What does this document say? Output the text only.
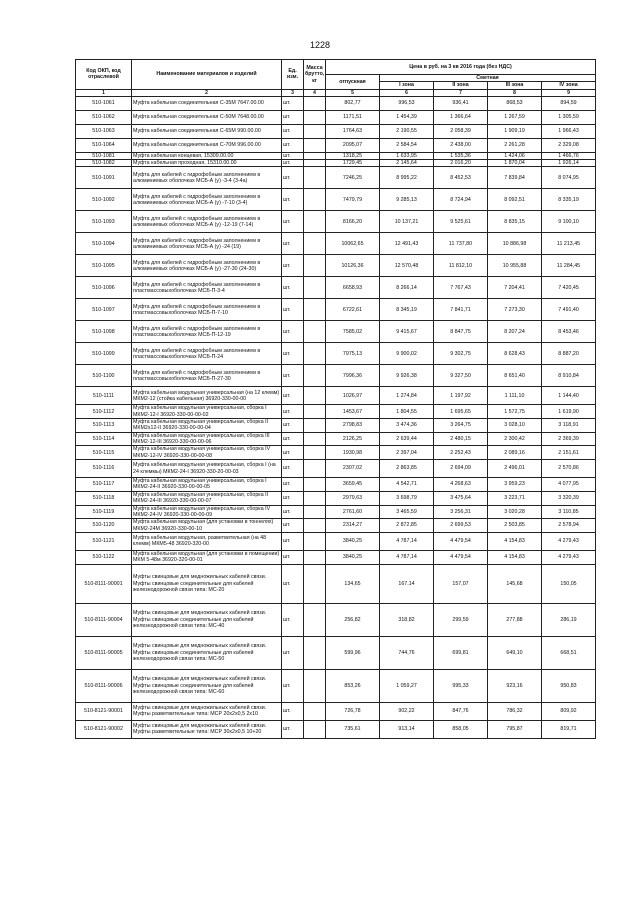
1228
Код ОКП, код отраслевой	Наименование материалов и изделий	Ед. изм.	Масса брутто, кг	Цена в руб. на 3 кв 2016 года (без НДС)				
				отпускная	Сметная			
					I зона	II зона	III зона	IV зона
1	2	3	4	5	6	7	8	9
510-1061	Муфта кабельная соединительная С-35М 7647.00.00	шт.		802,77	996,53	936,41	868,53	894,59
510-1062	Муфта кабельная соединительная С-50М 7648.00.00	шт.		1171,51	1 454,39	1 366,64	1 267,59	1 305,59
510-1063	Муфта кабельная соединительная С-65М 990.00.00	шт.		1764,63	2 190,55	2 058,39	1 909,19	1 966,43
510-1064	Муфта кабельная соединительная С-70М 996.00.00	шт.		2095,07	2 584,54	2 438,00	2 261,28	2 329,08
510-1081	Муфта кабельная концевая, 15309.00.00	шт.		1318,25	1 633,95	1 535,36	1 424,06	1 466,76
510-1082	Муфта кабельная проходная, 15310.00.00	шт.		1729,45	2 145,64	2 016,20	1 870,04	1 926,14
510-1091	Муфта для кабелей с гидрофобным заполнением в алюминиевых оболочках МСБ-А (у) -3-4 (3-4а)	шт.		7246,25	8 995,22	8 452,53	7 839,84	8 074,95
510-1092	Муфта для кабелей с гидрофобным заполнением в алюминиевых оболочках МСБ-А (у) -7-10 (3-4)	шт.		7479,79	9 285,13	8 724,94	8 092,51	8 335,19
510-1093	Муфта для кабелей с гидрофобным заполнением в алюминиевых оболочках МСБ-А (у) -12-19 (7-14)	шт.		8166,20	10 137,21	9 525,61	8 835,15	9 100,10
510-1094	Муфта для кабелей с гидрофобным заполнением в алюминиевых оболочках МСБ-А (у) -24 (19)	шт.		10062,65	12 491,43	11 737,80	10 886,98	11 213,45
510-1095	Муфта для кабелей с гидрофобным заполнением в алюминиевых оболочках МСБ-А (у) -27-30 (24-30)	шт.		10126,36	12 570,48	11 812,10	10 955,88	11 284,45
510-1096	Муфта для кабелей с гидрофобным заполнением в пластмассовыхоболочках МСБ-П-3-4	шт.		6658,93	8 266,14	7 767,43	7 204,41	7 420,45
510-1097	Муфта для кабелей с гидрофобным заполнением в пластмассовыхоболочках МСБ-П-7-10	шт.		6722,61	8 345,19	7 841,71	7 273,30	7 491,40
510-1098	Муфта для кабелей с гидрофобным заполнением в пластмассовыхоболочках МСБ-П-12-19	шт.		7585,02	9 415,67	8 847,75	8 207,24	8 453,46
510-1099	Муфта для кабелей с гидрофобным заполнением в пластмассовыхоболочках МСБ-П-24	шт.		7975,13	9 900,02	9 302,75	8 628,43	8 887,20
510-1100	Муфта для кабелей с гидрофобным заполнением в пластмассовыхоболочках МСБ-П-27-30	шт.		7996,36	9 926,38	9 327,50	8 651,40	8 910,84
510-1111	Муфта кабельная модульная универсальная (на 12 клемм) МКМ2-12 (стойка кабельная) 36920-330-00-00	шт.		1026,97	1 274,84	1 197,92	1 111,10	1 144,40
510-1112	Муфта кабельная модульная универсальная, сборка I МКМ2-12-I 36920-330-00-00-02	шт.		1453,67	1 804,55	1 695,65	1 572,75	1 619,90
510-1113	Муфта кабельная модульная универсальная, сборка II МКМ2х12-II 36920-330-00-00-04	шт.		2798,83	3 474,36	3 264,75	3 028,10	3 118,91
510-1114	Муфта кабельная модульная универсальная, сборка III МКМ2-12-III 36920-330-00-00-06	шт.		2126,25	2 639,44	2 480,15	2 300,42	2 369,39
510-1115	Муфта кабельная модульная универсальная, сборка IV МКМ2-12-IV 36920-330-00-00-08	шт.		1930,98	2 397,04	2 252,43	2 089,16	2 151,61
510-1116	Муфта кабельная модульная универсальная, сборка I (на 24 клеммы) МКМ2-24-I 36920-330-20-00-03	шт.		2307,02	2 863,85	2 694,09	2 496,01	2 570,86
510-1117	Муфта кабельная модульная универсальная, сборка I МКМ2-24-II 36920-330-00-00-05	шт.		3659,45	4 542,71	4 268,63	3 959,23	4 077,95
510-1118	Муфта кабельная модульная универсальная, сборка II МКМ2-24-III 36920-330-00-00-07	шт.		2979,63	3 698,79	3 475,64	3 223,71	3 320,39
510-1119	Муфта кабельная модульная универсальная, сборка IV МКМ2-24-IV 36920-330-00-00-09	шт.		2761,60	3 465,59	3 256,31	3 020,28	3 110,85
510-1120	Муфта кабельная модульная (для установки в тоннелях) МКМ2-24М 36920-330-00-10	шт.		2314,27	2 872,85	2 699,53	2 503,85	2 578,94
510-1121	Муфта кабельная модульная, разветвительная (на 48 клемм) МКМ5-48 36920-320-00	шт.		3840,25	4 787,14	4 479,54	4 154,83	4 279,43
510-1122	Муфта кабельная модульная (для установки в помещении) МКМ 5-48м 36920-320-00-01	шт.		3840,25	4 787,14	4 479,54	4 154,83	4 279,43
510-8111-90001	Муфты свинцовые для медножильных кабелей связи. Муфты свинцовые соединительные для кабелей железнодорожной связи типа: МС-20	шт.		134,65	167,14	157,07	145,68	150,05
510-8111-90004	Муфты свинцовые для медножильных кабелей связи. Муфты свинцовые соединительные для кабелей железнодорожной связи типа: МС-40	шт.		256,82	318,82	299,59	277,88	286,19
510-8111-90005	Муфты свинцовые для медножильных кабелей связи. Муфты свинцовые соединительные для кабелей железнодорожной связи типа: МС-50	шт.		599,96	744,76	699,81	649,10	668,51
510-8111-90006	Муфты свинцовые для медножильных кабелей связи. Муфты свинцовые соединительные для кабелей железнодорожной связи типа: МС-60	шт.		853,26	1 059,27	995,33	923,16	950,83
510-8121-90001	Муфты свинцовые для медножильных кабелей связи. Муфты разветвительные типа: МСР 20х2х0,5 2х10	шт.		726,78	902,22	847,76	786,32	809,92
510-8121-90002	Муфты свинцовые для медножильных кабелей связи. Муфты разветвительные типа: МСР 30х2х0,5 10+20	шт.		735,61	913,14	858,05	795,87	819,71
